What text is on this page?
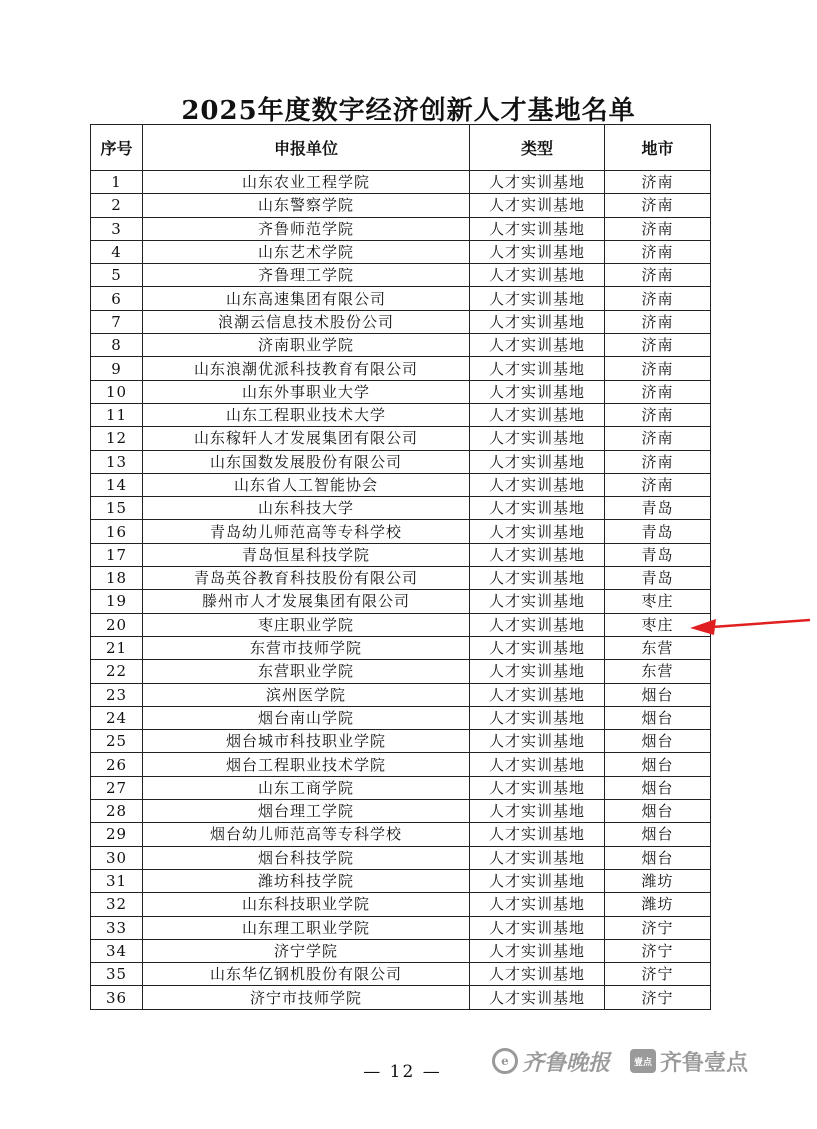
2025年度数字经济创新人才基地名单
序号	申报单位	类型	地市
1	山东农业工程学院	人才实训基地	济南
2	山东警察学院	人才实训基地	济南
3	齐鲁师范学院	人才实训基地	济南
4	山东艺术学院	人才实训基地	济南
5	齐鲁理工学院	人才实训基地	济南
6	山东高速集团有限公司	人才实训基地	济南
7	浪潮云信息技术股份公司	人才实训基地	济南
8	济南职业学院	人才实训基地	济南
9	山东浪潮优派科技教育有限公司	人才实训基地	济南
10	山东外事职业大学	人才实训基地	济南
11	山东工程职业技术大学	人才实训基地	济南
12	山东稼轩人才发展集团有限公司	人才实训基地	济南
13	山东国数发展股份有限公司	人才实训基地	济南
14	山东省人工智能协会	人才实训基地	济南
15	山东科技大学	人才实训基地	青岛
16	青岛幼儿师范高等专科学校	人才实训基地	青岛
17	青岛恒星科技学院	人才实训基地	青岛
18	青岛英谷教育科技股份有限公司	人才实训基地	青岛
19	滕州市人才发展集团有限公司	人才实训基地	枣庄
20	枣庄职业学院	人才实训基地	枣庄
21	东营市技师学院	人才实训基地	东营
22	东营职业学院	人才实训基地	东营
23	滨州医学院	人才实训基地	烟台
24	烟台南山学院	人才实训基地	烟台
25	烟台城市科技职业学院	人才实训基地	烟台
26	烟台工程职业技术学院	人才实训基地	烟台
27	山东工商学院	人才实训基地	烟台
28	烟台理工学院	人才实训基地	烟台
29	烟台幼儿师范高等专科学校	人才实训基地	烟台
30	烟台科技学院	人才实训基地	烟台
31	潍坊科技学院	人才实训基地	潍坊
32	山东科技职业学院	人才实训基地	潍坊
33	山东理工职业学院	人才实训基地	济宁
34	济宁学院	人才实训基地	济宁
35	山东华亿钢机股份有限公司	人才实训基地	济宁
36	济宁市技师学院	人才实训基地	济宁
— 12 —
e 齐鲁晚报	壹点 齐鲁壹点
